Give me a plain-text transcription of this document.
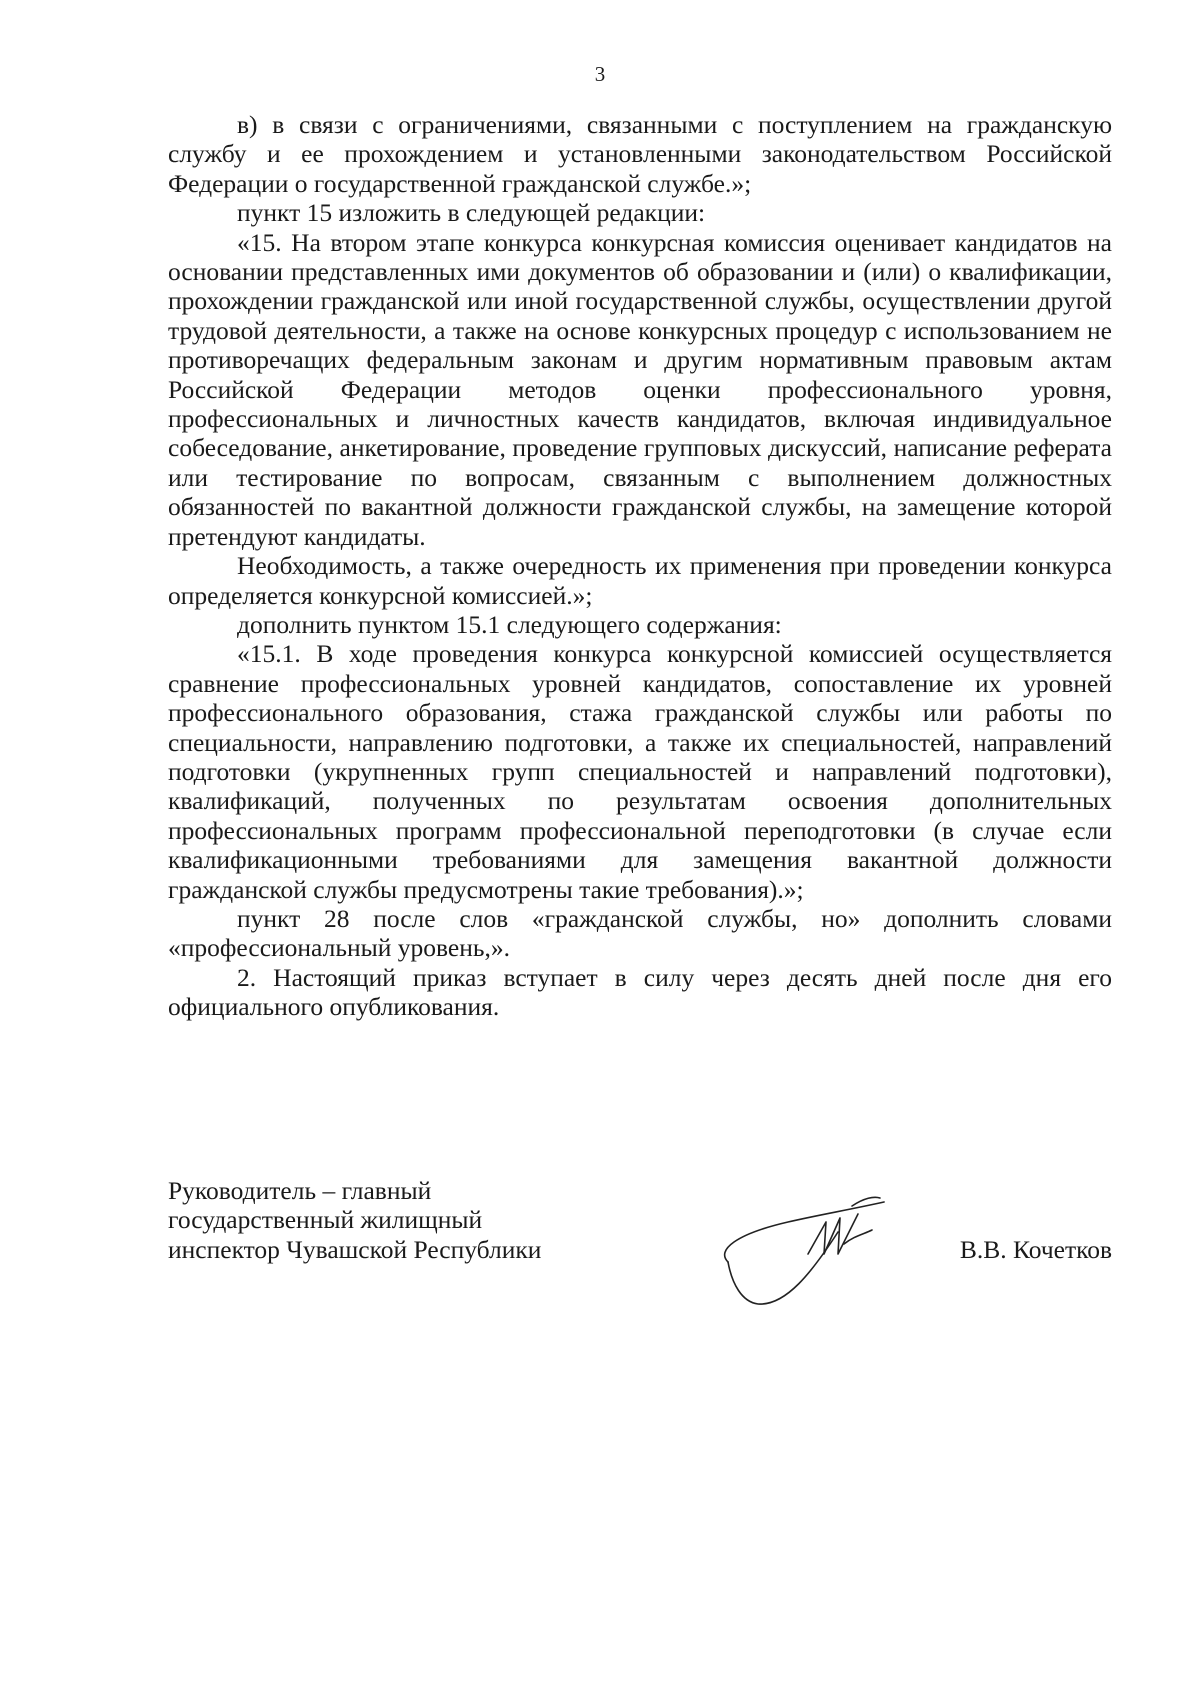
3

в) в связи с ограничениями, связанными с поступлением на гражданскую службу и ее прохождением и установленными законодательством Российской Федерации о государственной гражданской службе.»;

пункт 15 изложить в следующей редакции:

«15. На втором этапе конкурса конкурсная комиссия оценивает кандидатов на основании представленных ими документов об образовании и (или) о квалификации, прохождении гражданской или иной государственной службы, осуществлении другой трудовой деятельности, а также на основе конкурсных процедур с использованием не противоречащих федеральным законам и другим нормативным правовым актам Российской Федерации методов оценки профессионального уровня, профессиональных и личностных качеств кандидатов, включая индивидуальное собеседование, анкетирование, проведение групповых дискуссий, написание реферата или тестирование по вопросам, связанным с выполнением должностных обязанностей по вакантной должности гражданской службы, на замещение которой претендуют кандидаты.

Необходимость, а также очередность их применения при проведении конкурса определяется конкурсной комиссией.»;

дополнить пунктом 15.1 следующего содержания:

«15.1. В ходе проведения конкурса конкурсной комиссией осуществляется сравнение профессиональных уровней кандидатов, сопоставление их уровней профессионального образования, стажа гражданской службы или работы по специальности, направлению подготовки, а также их специальностей, направлений подготовки (укрупненных групп специальностей и направлений подготовки), квалификаций, полученных по результатам освоения дополнительных профессиональных программ профессиональной переподготовки (в случае если квалификационными требованиями для замещения вакантной должности гражданской службы предусмотрены такие требования).»;

пункт 28 после слов «гражданской службы, но» дополнить словами «профессиональный уровень,».

2. Настоящий приказ вступает в силу через десять дней после дня его официального опубликования.

Руководитель – главный
государственный жилищный
инспектор Чувашской Республики	В.В. Кочетков
